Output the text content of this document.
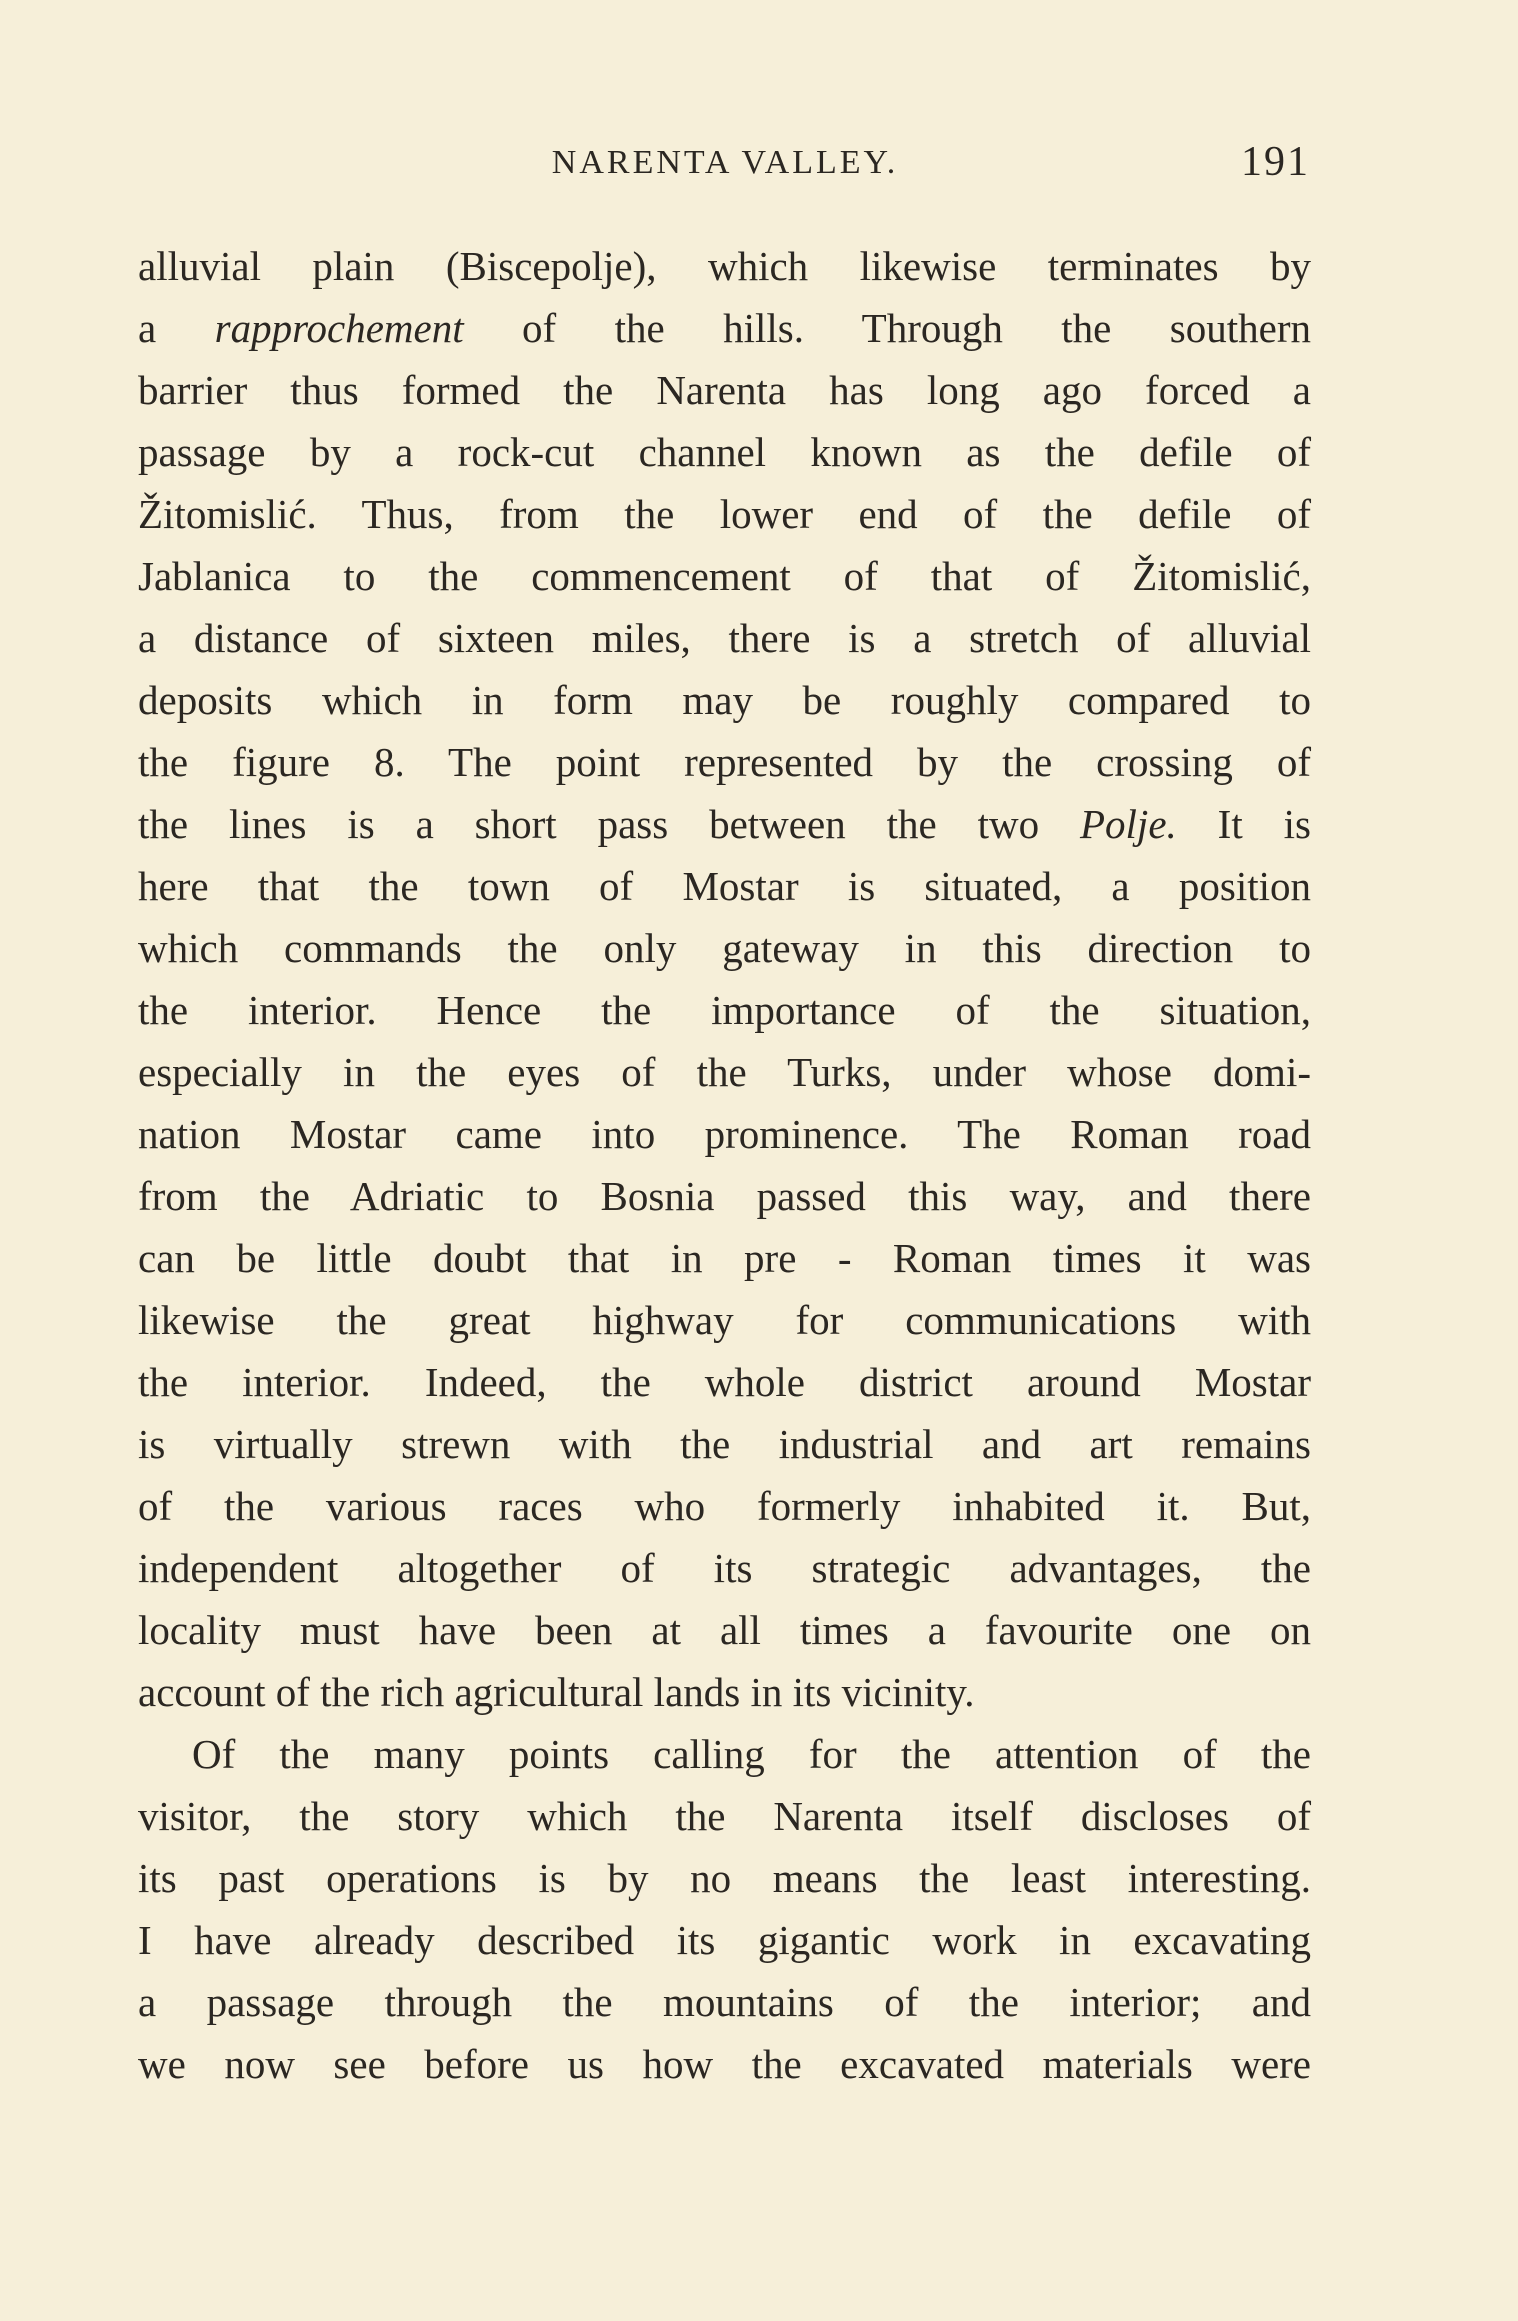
NARENTA VALLEY.	191
alluvial plain (Biscepolje), which likewise terminates by
a rapprochement of the hills. Through the southern
barrier thus formed the Narenta has long ago forced a
passage by a rock-cut channel known as the defile of
Žitomislić. Thus, from the lower end of the defile of
Jablanica to the commencement of that of Žitomislić,
a distance of sixteen miles, there is a stretch of alluvial
deposits which in form may be roughly compared to
the figure 8. The point represented by the crossing of
the lines is a short pass between the two Polje. It is
here that the town of Mostar is situated, a position
which commands the only gateway in this direction to
the interior. Hence the importance of the situation,
especially in the eyes of the Turks, under whose domi-
nation Mostar came into prominence. The Roman road
from the Adriatic to Bosnia passed this way, and there
can be little doubt that in pre - Roman times it was
likewise the great highway for communications with
the interior. Indeed, the whole district around Mostar
is virtually strewn with the industrial and art remains
of the various races who formerly inhabited it. But,
independent altogether of its strategic advantages, the
locality must have been at all times a favourite one on
account of the rich agricultural lands in its vicinity.
Of the many points calling for the attention of the
visitor, the story which the Narenta itself discloses of
its past operations is by no means the least interesting.
I have already described its gigantic work in excavating
a passage through the mountains of the interior; and
we now see before us how the excavated materials were
